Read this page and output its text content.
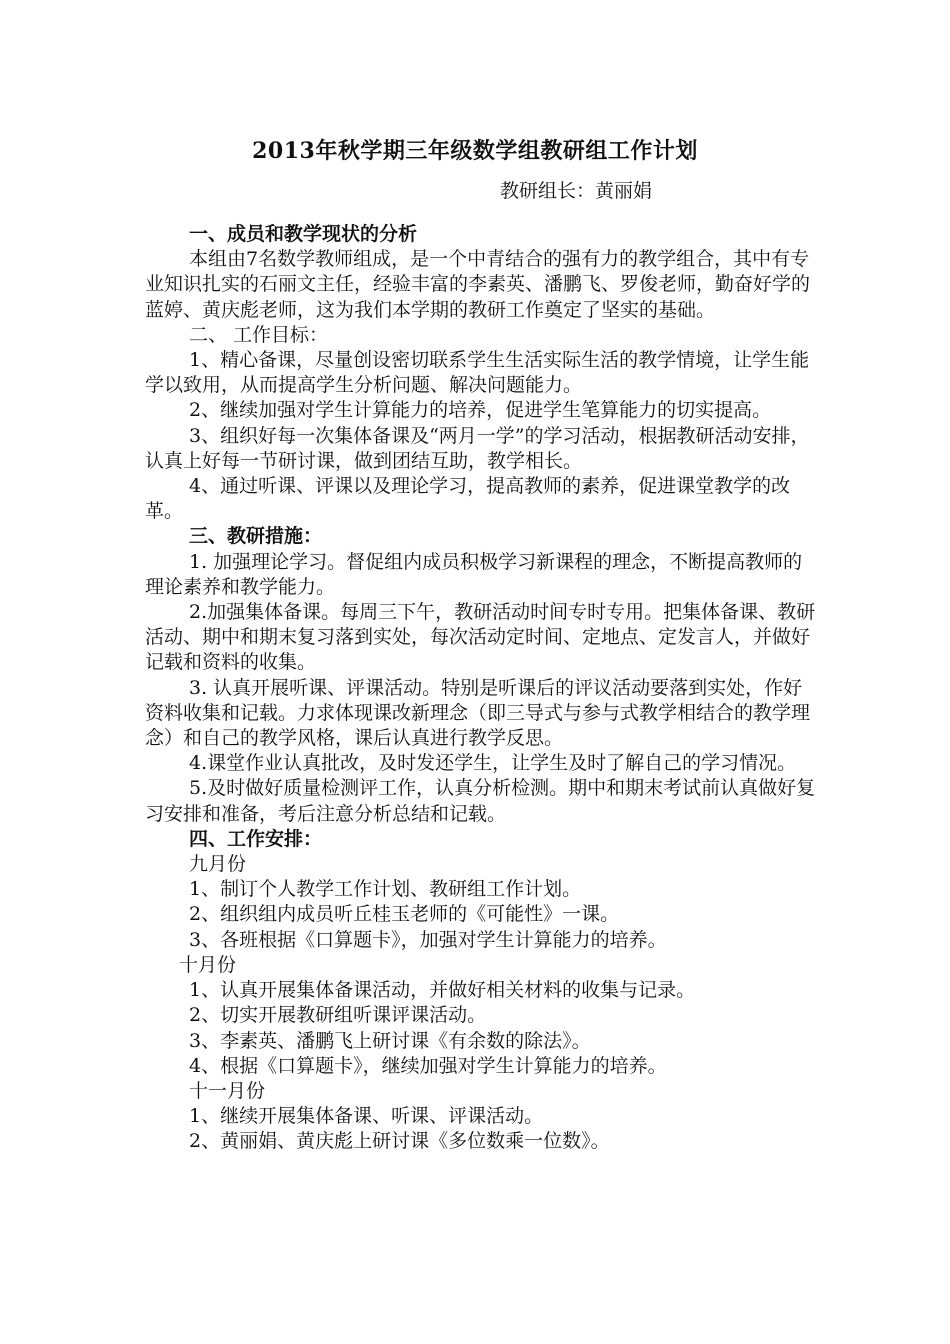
2013年秋学期三年级数学组教研组工作计划
教研组长：黄丽娟

一、成员和教学现状的分析

本组由7名数学教师组成，是一个中青结合的强有力的教学组合，其中有专业知识扎实的石丽文主任，经验丰富的李素英、潘鹏飞、罗俊老师，勤奋好学的蓝婷、黄庆彪老师，这为我们本学期的教研工作奠定了坚实的基础。

二、 工作目标：

1、精心备课，尽量创设密切联系学生生活实际生活的教学情境，让学生能学以致用，从而提高学生分析问题、解决问题能力。

2、继续加强对学生计算能力的培养，促进学生笔算能力的切实提高。

3、组织好每一次集体备课及“两月一学”的学习活动，根据教研活动安排，认真上好每一节研讨课，做到团结互助，教学相长。

4、通过听课、评课以及理论学习，提高教师的素养，促进课堂教学的改革。

三、教研措施：

1. 加强理论学习。督促组内成员积极学习新课程的理念，不断提高教师的理论素养和教学能力。

2.加强集体备课。每周三下午，教研活动时间专时专用。把集体备课、教研活动、期中和期末复习落到实处，每次活动定时间、定地点、定发言人，并做好记载和资料的收集。

3. 认真开展听课、评课活动。特别是听课后的评议活动要落到实处，作好资料收集和记载。力求体现课改新理念（即三导式与参与式教学相结合的教学理念）和自己的教学风格，课后认真进行教学反思。

4.课堂作业认真批改，及时发还学生，让学生及时了解自己的学习情况。

5.及时做好质量检测评工作，认真分析检测。期中和期末考试前认真做好复习安排和准备，考后注意分析总结和记载。

四、工作安排：

九月份

1、制订个人教学工作计划、教研组工作计划。

2、组织组内成员听丘桂玉老师的《可能性》一课。

3、各班根据《口算题卡》，加强对学生计算能力的培养。

十月份

1、认真开展集体备课活动，并做好相关材料的收集与记录。

2、切实开展教研组听课评课活动。

3、李素英、潘鹏飞上研讨课《有余数的除法》。

4、根据《口算题卡》，继续加强对学生计算能力的培养。

十一月份

1、继续开展集体备课、听课、评课活动。

2、黄丽娟、黄庆彪上研讨课《多位数乘一位数》。
